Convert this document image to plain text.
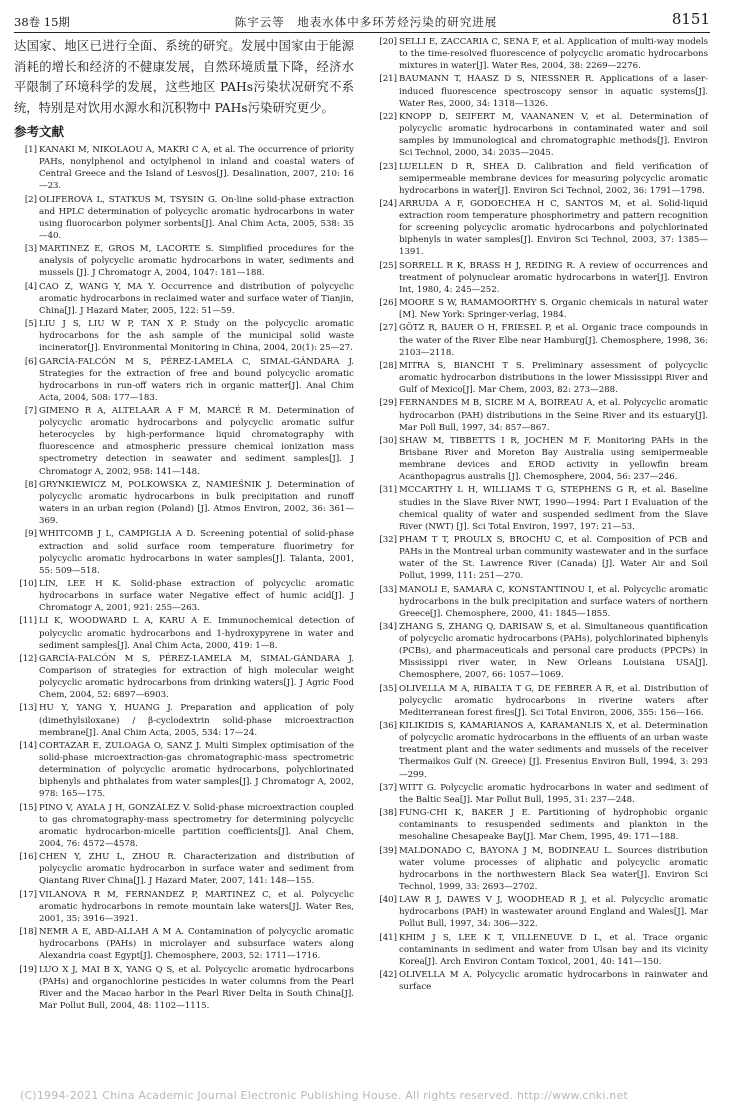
38卷 15期	陈宇云等　地表水体中多环芳烃污染的研究进展	8151

达国家、地区已进行全面、系统的研究。发展中国家由于能源消耗的增长和经济的不健康发展，自然环境质量下降，经济水平限制了环境科学的发展，这些地区 PAHs污染状况研究不系统，特别是对饮用水源水和沉积物中 PAHs污染研究更少。

参考文献
[1] KANAKI M, NIKOLAOU A, MAKRI C A, et al. The occurrence of priority PAHs, nonylphenol and octylphenol in inland and coastal waters of Central Greece and the Island of Lesvos[J]. Desalination, 2007, 210: 16—23.
[2] OLIFEROVA L, STATKUS M, TSYSIN G. On-line solid-phase extraction and HPLC determination of polycyclic aromatic hydrocarbons in water using fluorocarbon polymer sorbents[J]. Anal Chim Acta, 2005, 538: 35—40.
[3] MARTINEZ E, GROS M, LACORTE S. Simplified procedures for the analysis of polycyclic aromatic hydrocarbons in water, sediments and mussels [J]. J Chromatogr A, 2004, 1047: 181—188.
[4] CAO Z, WANG Y, MA Y. Occurrence and distribution of polycyclic aromatic hydrocarbons in reclaimed water and surface water of Tianjin, China[J]. J Hazard Mater, 2005, 122: 51—59.
[5] LIU J S, LIU W P, TAN X P. Study on the polycyclic aromatic hydrocarbons for the ash sample of the municipal solid waste incinerator[J]. Environmental Monitoring in China, 2004, 20(1): 25—27.
[6] GARCÍA-FALCÓN M S, PÉREZ-LAMELA C, SIMAL-GÁNDARA J. Strategies for the extraction of free and bound polycyclic aromatic hydrocarbons in run-off waters rich in organic matter[J]. Anal Chim Acta, 2004, 508: 177—183.
[7] GIMENO R A, ALTELAAR A F M, MARCÉ R M. Determination of polycyclic aromatic hydrocarbons and polycyclic aromatic sulfur heterocycles by high-performance liquid chromatography with fluorescence and atmospheric pressure chemical ionization mass spectrometry detection in seawater and sediment samples[J]. J Chromatogr A, 2002, 958: 141—148.
[8] GRYNKIEWICZ M, POLKOWSKA Z, NAMIEŚNIK J. Determination of polycyclic aromatic hydrocarbons in bulk precipitation and runoff waters in an urban region (Poland) [J]. Atmos Environ, 2002, 36: 361—369.
[9] WHITCOMB J L, CAMPIGLIA A D. Screening potential of solid-phase extraction and solid surface room temperature fluorimetry for polycyclic aromatic hydrocarbons in water samples[J]. Talanta, 2001, 55: 509—518.
[10] LIN, LEE H K. Solid-phase extraction of polycyclic aromatic hydrocarbons in surface water Negative effect of humic acid[J]. J Chromatogr A, 2001, 921: 255—263.
[11] LI K, WOODWARD L A, KARU A E. Immunochemical detection of polycyclic aromatic hydrocarbons and 1-hydroxypyrene in water and sediment samples[J]. Anal Chim Acta, 2000, 419: 1—8.
[12] GARCÍA-FALCÓN M S, PÉREZ-LAMELA M, SIMAL-GÁNDARA J. Comparison of strategies for extraction of high molecular weight polycyclic aromatic hydrocarbons from drinking waters[J]. J Agric Food Chem, 2004, 52: 6897—6903.
[13] HU Y, YANG Y, HUANG J. Preparation and application of poly (dimethylsiloxane) / β-cyclodextrin solid-phase microextraction membrane[J]. Anal Chim Acta, 2005, 534: 17—24.
[14] CORTAZAR E, ZULOAGA O, SANZ J. Multi Simplex optimisation of the solid-phase microextraction-gas chromatographic-mass spectrometric determination of polycyclic aromatic hydrocarbons, polychlorinated biphenyls and phthalates from water samples[J]. J Chromatogr A, 2002, 978: 165—175.
[15] PINO V, AYALA J H, GONZÁLEZ V. Solid-phase microextraction coupled to gas chromatography-mass spectrometry for determining polycyclic aromatic hydrocarbon-micelle partition coefficients[J]. Anal Chem, 2004, 76: 4572—4578.
[16] CHEN Y, ZHU L, ZHOU R. Characterization and distribution of polycyclic aromatic hydrocarbon in surface water and sediment from Qiantang River China[J]. J Hazard Mater, 2007, 141: 148—155.
[17] VILANOVA R M, FERNANDEZ P, MARTINEZ C, et al. Polycyclic aromatic hydrocarbons in remote mountain lake waters[J]. Water Res, 2001, 35: 3916—3921.
[18] NEMR A E, ABD-ALLAH A M A. Contamination of polycyclic aromatic hydrocarbons (PAHs) in microlayer and subsurface waters along Alexandria coast Egypt[J]. Chemosphere, 2003, 52: 1711—1716.
[19] LUO X J, MAI B X, YANG Q S, et al. Polycyclic aromatic hydrocarbons (PAHs) and organochlorine pesticides in water columns from the Pearl River and the Macao harbor in the Pearl River Delta in South China[J]. Mar Pollut Bull, 2004, 48: 1102—1115.
[20] SELLI E, ZACCARIA C, SENA F, et al. Application of multi-way models to the time-resolved fluorescence of polycyclic aromatic hydrocarbons mixtures in water[J]. Water Res, 2004, 38: 2269—2276.
[21] BAUMANN T, HAASZ D S, NIESSNER R. Applications of a laser-induced fluorescence spectroscopy sensor in aquatic systems[J]. Water Res, 2000, 34: 1318—1326.
[22] KNOPP D, SEIFERT M, VAANANEN V, et al. Determination of polycyclic aromatic hydrocarbons in contaminated water and soil samples by immunological and chromatographic methods[J]. Environ Sci Technol, 2000, 34: 2035—2045.
[23] LUELLEN D R, SHEA D. Calibration and field verification of semipermeable membrane devices for measuring polycyclic aromatic hydrocarbons in water[J]. Environ Sci Technol, 2002, 36: 1791—1798.
[24] ARRUDA A F, GODOECHEA H C, SANTOS M, et al. Solid-liquid extraction room temperature phosphorimetry and pattern recognition for screening polycyclic aromatic hydrocarbons and polychlorinated biphenyls in water samples[J]. Environ Sci Technol, 2003, 37: 1385—1391.
[25] SORRELL R K, BRASS H J, REDING R. A review of occurrences and treatment of polynuclear aromatic hydrocarbons in water[J]. Environ Int, 1980, 4: 245—252.
[26] MOORE S W, RAMAMOORTHY S. Organic chemicals in natural water [M]. New York: Springer-verlag, 1984.
[27] GÖTZ R, BAUER O H, FRIESEL P, et al. Organic trace compounds in the water of the River Elbe near Hamburg[J]. Chemosphere, 1998, 36: 2103—2118.
[28] MITRA S, BIANCHI T S. Preliminary assessment of polycyclic aromatic hydrocarbon distributions in the lower Mississippi River and Gulf of Mexico[J]. Mar Chem, 2003, 82: 273—288.
[29] FERNANDES M B, SICRE M A, BOIREAU A, et al. Polycyclic aromatic hydrocarbon (PAH) distributions in the Seine River and its estuary[J]. Mar Poll Bull, 1997, 34: 857—867.
[30] SHAW M, TIBBETTS I R, JOCHEN M F. Monitoring PAHs in the Brisbane River and Moreton Bay Australia using semipermeable membrane devices and EROD activity in yellowfin bream Acanthopagrus australis [J]. Chemosphere, 2004, 56: 237—246.
[31] MCCARTHY L H, WILLIAMS T G, STEPHENS G R, et al. Baseline studies in the Slave River NWT, 1990—1994: Part I Evaluation of the chemical quality of water and suspended sediment from the Slave River (NWT) [J]. Sci Total Environ, 1997, 197: 21—53.
[32] PHAM T T, PROULX S, BROCHU C, et al. Composition of PCB and PAHs in the Montreal urban community wastewater and in the surface water of the St. Lawrence River (Canada) [J]. Water Air and Soil Pollut, 1999, 111: 251—270.
[33] MANOLI E, SAMARA C, KONSTANTINOU I, et al. Polycyclic aromatic hydrocarbons in the bulk precipitation and surface waters of northern Greece[J]. Chemosphere, 2000, 41: 1845—1855.
[34] ZHANG S, ZHANG Q, DARISAW S, et al. Simultaneous quantification of polycyclic aromatic hydrocarbons (PAHs), polychlorinated biphenyls (PCBs), and pharmaceuticals and personal care products (PPCPs) in Mississippi river water, in New Orleans Louisiana USA[J]. Chemosphere, 2007, 66: 1057—1069.
[35] OLIVELLA M A, RIBALTA T G, DE FEBRER A R, et al. Distribution of polycyclic aromatic hydrocarbons in riverine waters after Mediterranean forest fires[J]. Sci Total Environ, 2006, 355: 156—166.
[36] KILIKIDIS S, KAMARIANOS A, KARAMANLIS X, et al. Determination of polycyclic aromatic hydrocarbons in the effluents of an urban waste treatment plant and the water sediments and mussels of the receiver Thermaikos Gulf (N. Greece) [J]. Fresenius Environ Bull, 1994, 3: 293—299.
[37] WITT G. Polycyclic aromatic hydrocarbons in water and sediment of the Baltic Sea[J]. Mar Pollut Bull, 1995, 31: 237—248.
[38] FUNG-CHI K, BAKER J E. Partitioning of hydrophobic organic contaminants to resuspended sediments and plankton in the mesohaline Chesapeake Bay[J]. Mar Chem, 1995, 49: 171—188.
[39] MALDONADO C, BAYONA J M, BODINEAU L. Sources distribution water volume processes of aliphatic and polycyclic aromatic hydrocarbons in the northwestern Black Sea water[J]. Environ Sci Technol, 1999, 33: 2693—2702.
[40] LAW R J, DAWES V J, WOODHEAD R J, et al. Polycyclic aromatic hydrocarbons (PAH) in wastewater around England and Wales[J]. Mar Pollut Bull, 1997, 34: 306—322.
[41] KHIM J S, LEE K T, VILLENEUVE D L, et al. Trace organic contaminants in sediment and water from Ulsan bay and its vicinity Korea[J]. Arch Environ Contam Toxicol, 2001, 40: 141—150.
[42] OLIVELLA M A. Polycyclic aromatic hydrocarbons in rainwater and surface
(C)1994-2021 China Academic Journal Electronic Publishing House. All rights reserved. http://www.cnki.net
